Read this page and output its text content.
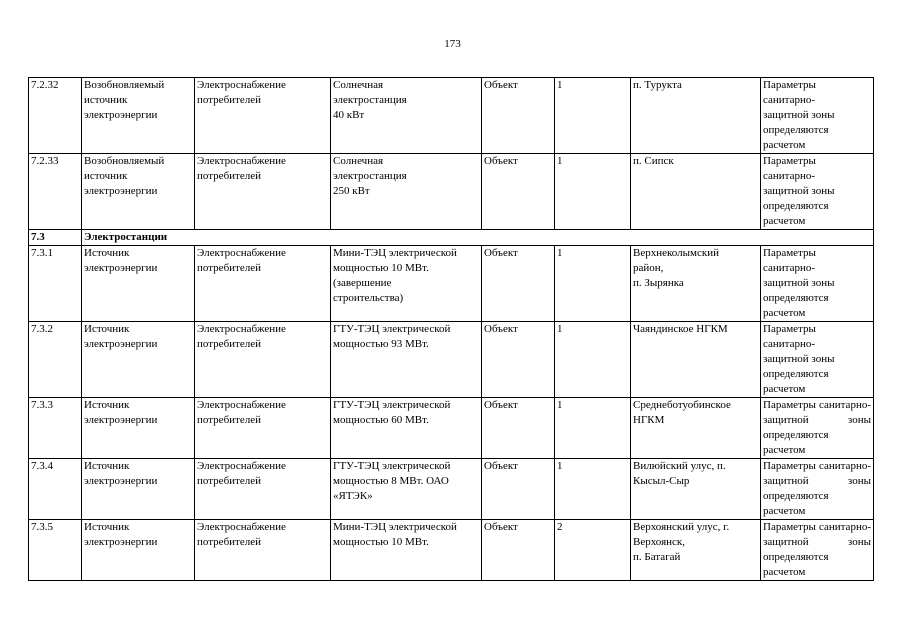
173
7.2.32	Возобновляемый
источник
электроэнергии	Электроснабжение
потребителей	Солнечная
электростанция
40 кВт	Объект	1	п. Турукта	Параметры
санитарно-
защитной зоны
определяются
расчетом
7.2.33	Возобновляемый
источник
электроэнергии	Электроснабжение
потребителей	Солнечная
электростанция
250 кВт	Объект	1	п. Сипск	Параметры
санитарно-
защитной зоны
определяются
расчетом
7.3	Электростанции						
7.3.1	Источник
электроэнергии	Электроснабжение
потребителей	Мини-ТЭЦ электрической мощностью 10 МВт.
(завершение
строительства)	Объект	1	Верхнеколымский
район,
п. Зырянка	Параметры
санитарно-
защитной зоны
определяются
расчетом
7.3.2	Источник
электроэнергии	Электроснабжение
потребителей	ГТУ-ТЭЦ электрической мощностью 93 МВт.	Объект	1	Чаяндинское НГКМ	Параметры
санитарно-
защитной зоны
определяются
расчетом
7.3.3	Источник
электроэнергии	Электроснабжение
потребителей	ГТУ-ТЭЦ электрической мощностью 60 МВт.	Объект	1	Среднеботуобинское
НГКМ	Параметры санитарно-защитной зоны определяются расчетом
7.3.4	Источник
электроэнергии	Электроснабжение
потребителей	ГТУ-ТЭЦ электрической мощностью 8 МВт. ОАО «ЯТЭК»	Объект	1	Вилюйский улус, п. Кысыл-Сыр	Параметры санитарно-защитной зоны определяются расчетом
7.3.5	Источник
электроэнергии	Электроснабжение
потребителей	Мини-ТЭЦ электрической мощностью 10 МВт.	Объект	2	Верхоянский улус, г. Верхоянск,
п. Батагай	Параметры санитарно-защитной зоны определяются расчетом
